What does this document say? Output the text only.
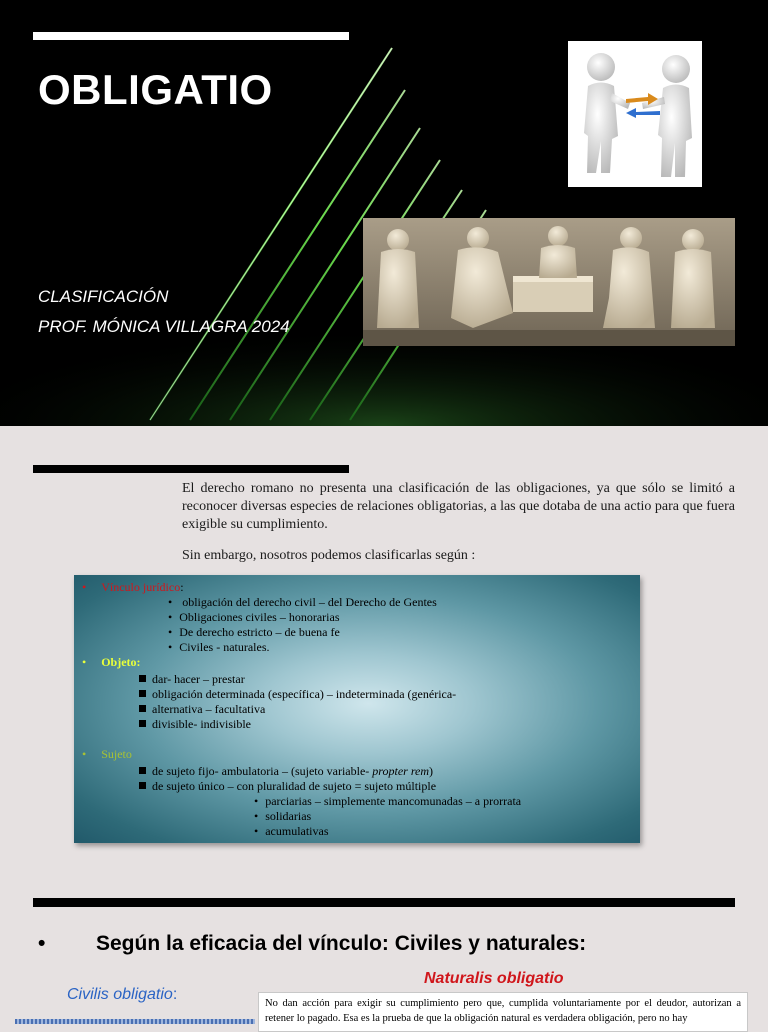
OBLIGATIO
CLASIFICACIÓN
PROF. MÓNICA VILLAGRA 2024
El derecho romano no presenta una clasificación de las obligaciones, ya que sólo se limitó a reconocer diversas especies de relaciones obligatorias, a las que dotaba de una actio para que fuera exigible su cumplimiento.
Sin embargo, nosotros podemos clasificarlas según :
• Vínculo jurídico:
• obligación del derecho civil – del Derecho de Gentes
• Obligaciones civiles – honorarias
• De derecho estricto – de buena fe
• Civiles - naturales.
• Objeto:
dar- hacer – prestar
obligación determinada (específica) – indeterminada (genérica-
alternativa – facultativa
divisible- indivisible
• Sujeto
de sujeto fijo- ambulatoria – (sujeto variable- propter rem)
de sujeto único – con pluralidad de sujeto = sujeto múltiple
• parciarias – simplemente mancomunadas – a prorrata
• solidarias
• acumulativas
• Según la eficacia del vínculo: Civiles y naturales:
Naturalis obligatio
Civilis obligatio:
No dan acción para exigir su cumplimiento pero que, cumplida voluntariamente por el deudor, autorizan a retener lo pagado. Esa es la prueba de que la obligación natural es verdadera obligación, pero no hay
